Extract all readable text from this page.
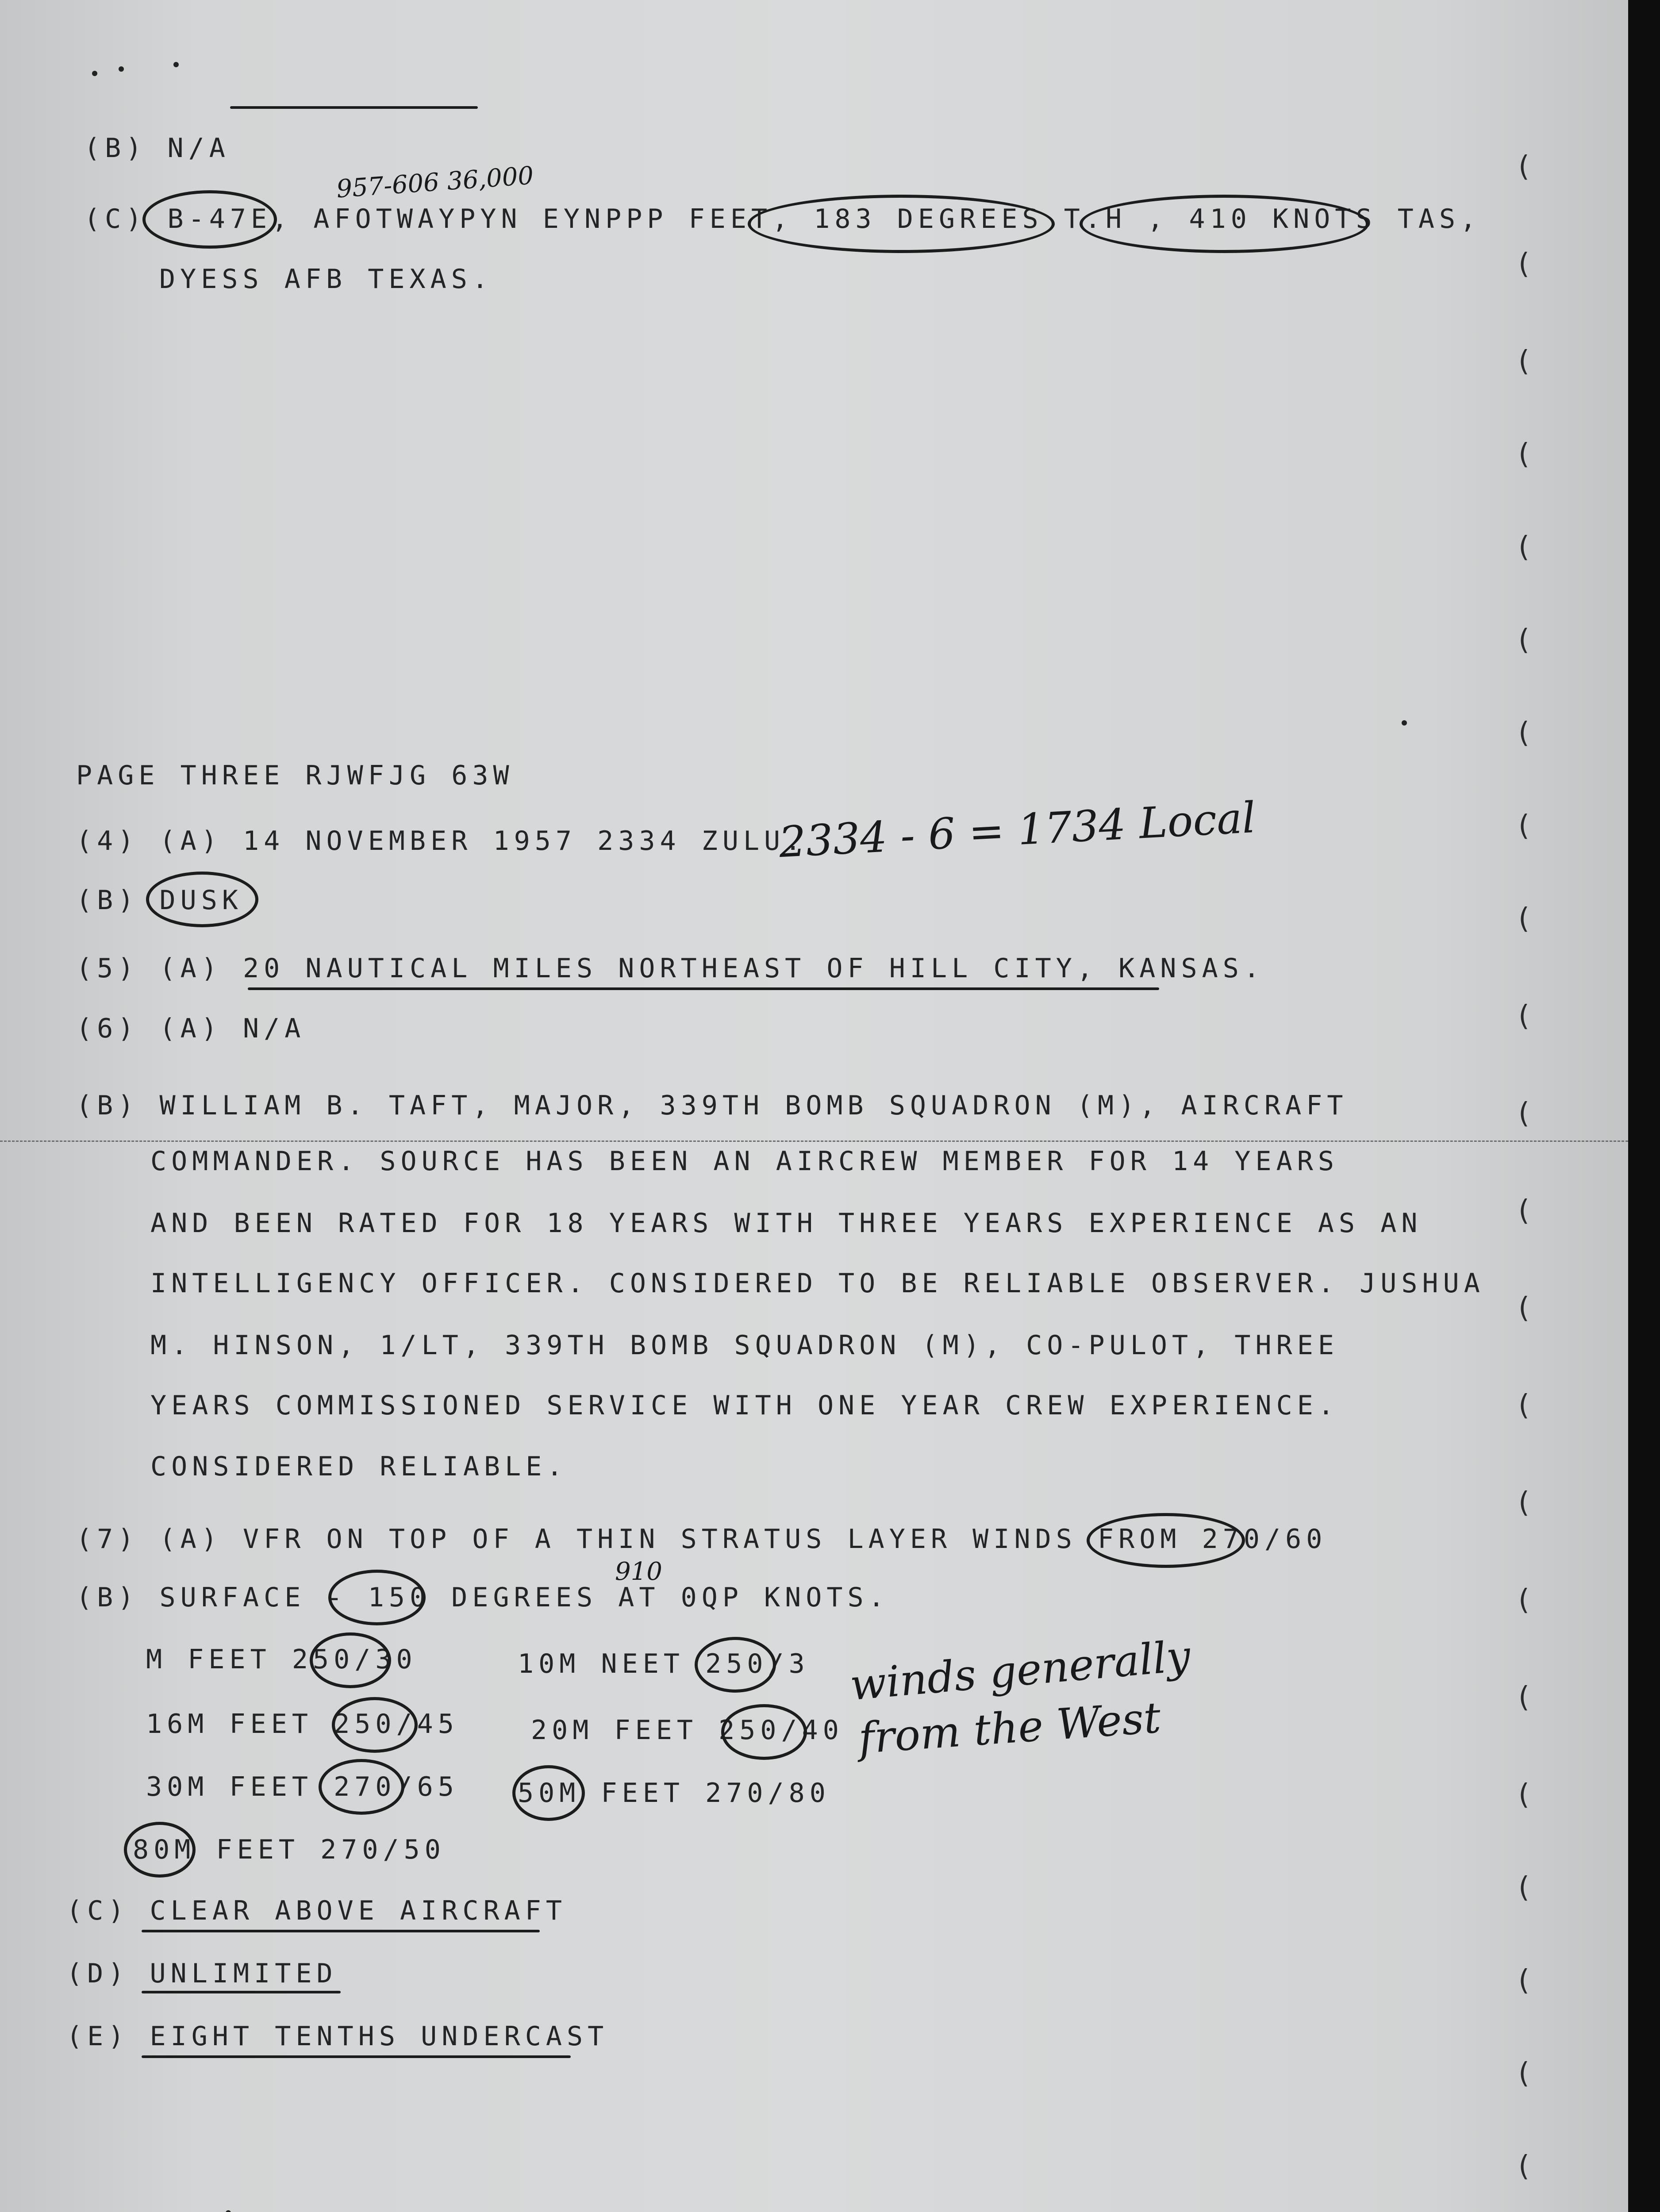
(B) N/A
957-606 36,000
(C) B-47E, AFOTWAYPYN EYNPPP FEET, 183 DEGREES T.H , 410 KNOTS TAS,
DYESS AFB TEXAS.
PAGE THREE RJWFJG 63W
(4) (A) 14 NOVEMBER 1957 2334 ZULU.
2334 - 6 = 1734 Local
(B) DUSK
(5) (A) 20 NAUTICAL MILES NORTHEAST OF HILL CITY, KANSAS.
(6) (A) N/A
(B) WILLIAM B. TAFT, MAJOR, 339TH BOMB SQUADRON (M), AIRCRAFT
COMMANDER. SOURCE HAS BEEN AN AIRCREW MEMBER FOR 14 YEARS
AND BEEN RATED FOR 18 YEARS WITH THREE YEARS EXPERIENCE AS AN
INTELLIGENCY OFFICER. CONSIDERED TO BE RELIABLE OBSERVER. JUSHUA
M. HINSON, 1/LT, 339TH BOMB SQUADRON (M), CO-PULOT, THREE
YEARS COMMISSIONED SERVICE WITH ONE YEAR CREW EXPERIENCE.
CONSIDERED RELIABLE.
(7) (A) VFR ON TOP OF A THIN STRATUS LAYER WINDS FROM 270/60
910
(B) SURFACE - 150 DEGREES AT 0QP KNOTS.
M FEET 250/30	10M NEET 250/3
16M FEET 250/45	20M FEET 250/40
30M FEET 270/65 50M FEET 270/80
80M FEET 270/50
winds generally
from the West
(C) CLEAR ABOVE AIRCRAFT
(D) UNLIMITED
(E) EIGHT TENTHS UNDERCAST
(
(
(
(
(
(
(
(
(
(
(
(
(
(
(
(
(
(
(
(
(
(
